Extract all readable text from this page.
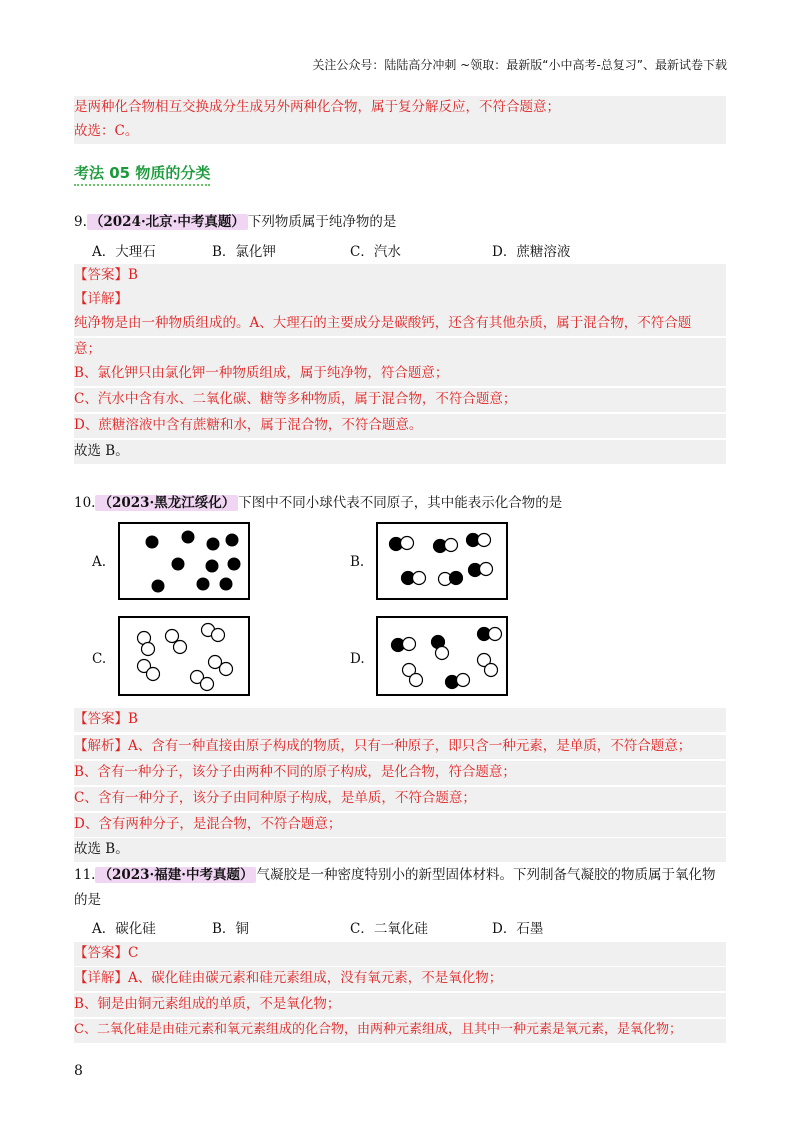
关注公众号：陆陆高分冲刺 ~领取：最新版“小中高考-总复习”、最新试卷下载
是两种化合物相互交换成分生成另外两种化合物，属于复分解反应，不符合题意；
故选：C。
考法 05 物质的分类
9. （2024·北京·中考真题） 下列物质属于纯净物的是
A．大理石	B．氯化钾	C．汽水	D．蔗糖溶液
【答案】B
【详解】
纯净物是由一种物质组成的。A、大理石的主要成分是碳酸钙，还含有其他杂质，属于混合物，不符合题
意；
B、氯化钾只由氯化钾一种物质组成，属于纯净物，符合题意；
C、汽水中含有水、二氧化碳、糖等多种物质，属于混合物，不符合题意；
D、蔗糖溶液中含有蔗糖和水，属于混合物，不符合题意。
故选 B。
10. （2023·黑龙江绥化） 下图中不同小球代表不同原子，其中能表示化合物的是
A.	B.
C.	D.
【答案】B
【解析】A、含有一种直接由原子构成的物质，只有一种原子，即只含一种元素，是单质，不符合题意；
B、含有一种分子，该分子由两种不同的原子构成，是化合物，符合题意；
C、含有一种分子，该分子由同种原子构成，是单质，不符合题意；
D、含有两种分子，是混合物，不符合题意；
故选 B。
11. （2023·福建·中考真题） 气凝胶是一种密度特别小的新型固体材料。下列制备气凝胶的物质属于氧化物
的是
A．碳化硅	B．铜	C．二氧化硅	D．石墨
【答案】C
【详解】A、碳化硅由碳元素和硅元素组成，没有氧元素，不是氧化物；
B、铜是由铜元素组成的单质，不是氧化物；
C、二氧化硅是由硅元素和氧元素组成的化合物，由两种元素组成，且其中一种元素是氧元素，是氧化物；
8
